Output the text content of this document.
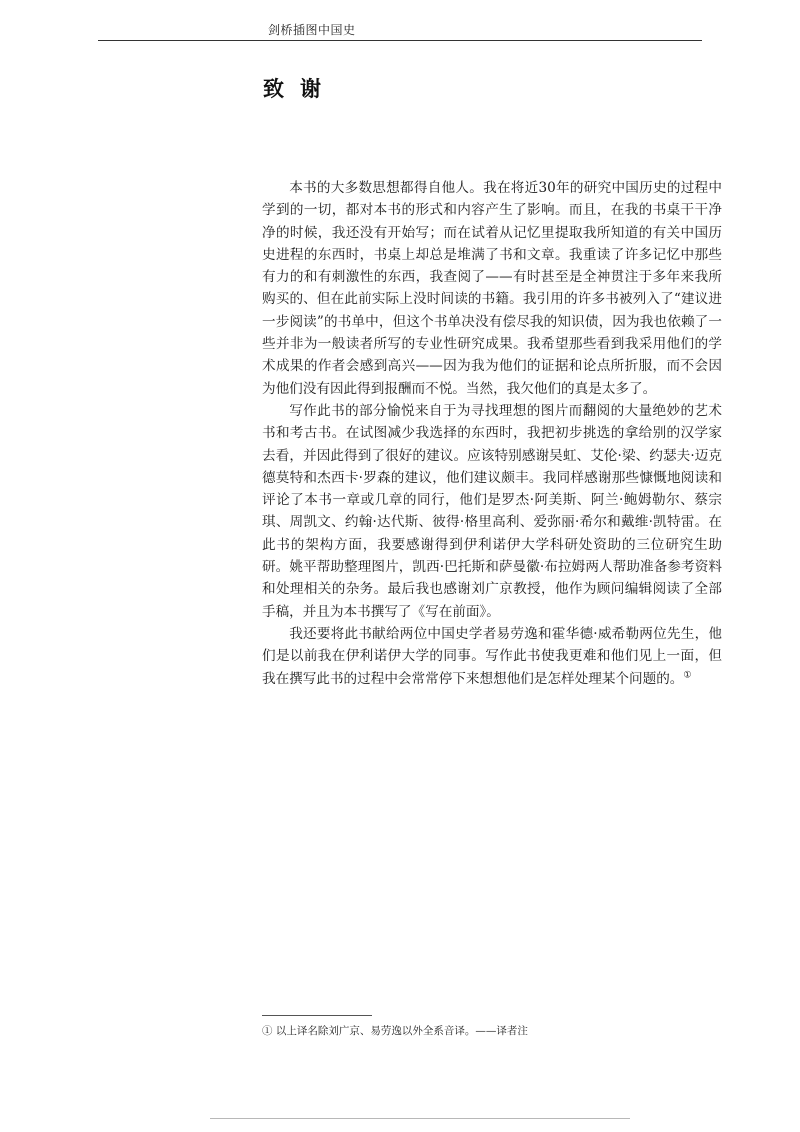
剑桥插图中国史
致谢

本书的大多数思想都得自他人。我在将近30年的研究中国历史的过程中学到的一切，都对本书的形式和内容产生了影响。而且，在我的书桌干干净净的时候，我还没有开始写；而在试着从记忆里提取我所知道的有关中国历史进程的东西时，书桌上却总是堆满了书和文章。我重读了许多记忆中那些有力的和有刺激性的东西，我查阅了——有时甚至是全神贯注于多年来我所购买的、但在此前实际上没时间读的书籍。我引用的许多书被列入了“建议进一步阅读”的书单中，但这个书单决没有偿尽我的知识债，因为我也依赖了一些并非为一般读者所写的专业性研究成果。我希望那些看到我采用他们的学术成果的作者会感到高兴——因为我为他们的证据和论点所折服，而不会因为他们没有因此得到报酬而不悦。当然，我欠他们的真是太多了。

写作此书的部分愉悦来自于为寻找理想的图片而翻阅的大量绝妙的艺术书和考古书。在试图减少我选择的东西时，我把初步挑选的拿给别的汉学家去看，并因此得到了很好的建议。应该特别感谢吴虹、艾伦·梁、约瑟夫·迈克德莫特和杰西卡·罗森的建议，他们建议颇丰。我同样感谢那些慷慨地阅读和评论了本书一章或几章的同行，他们是罗杰·阿美斯、阿兰·鲍姆勒尔、蔡宗琪、周凯文、约翰·达代斯、彼得·格里高利、爱弥丽·希尔和戴维·凯特雷。在此书的架构方面，我要感谢得到伊利诺伊大学科研处资助的三位研究生助研。姚平帮助整理图片，凯西·巴托斯和萨曼徽·布拉姆两人帮助准备参考资料和处理相关的杂务。最后我也感谢刘广京教授，他作为顾问编辑阅读了全部手稿，并且为本书撰写了《写在前面》。

我还要将此书献给两位中国史学者易劳逸和霍华德·威希勒两位先生，他们是以前我在伊利诺伊大学的同事。写作此书使我更难和他们见上一面，但我在撰写此书的过程中会常常停下来想想他们是怎样处理某个问题的。①

① 以上译名除刘广京、易劳逸以外全系音译。——译者注
